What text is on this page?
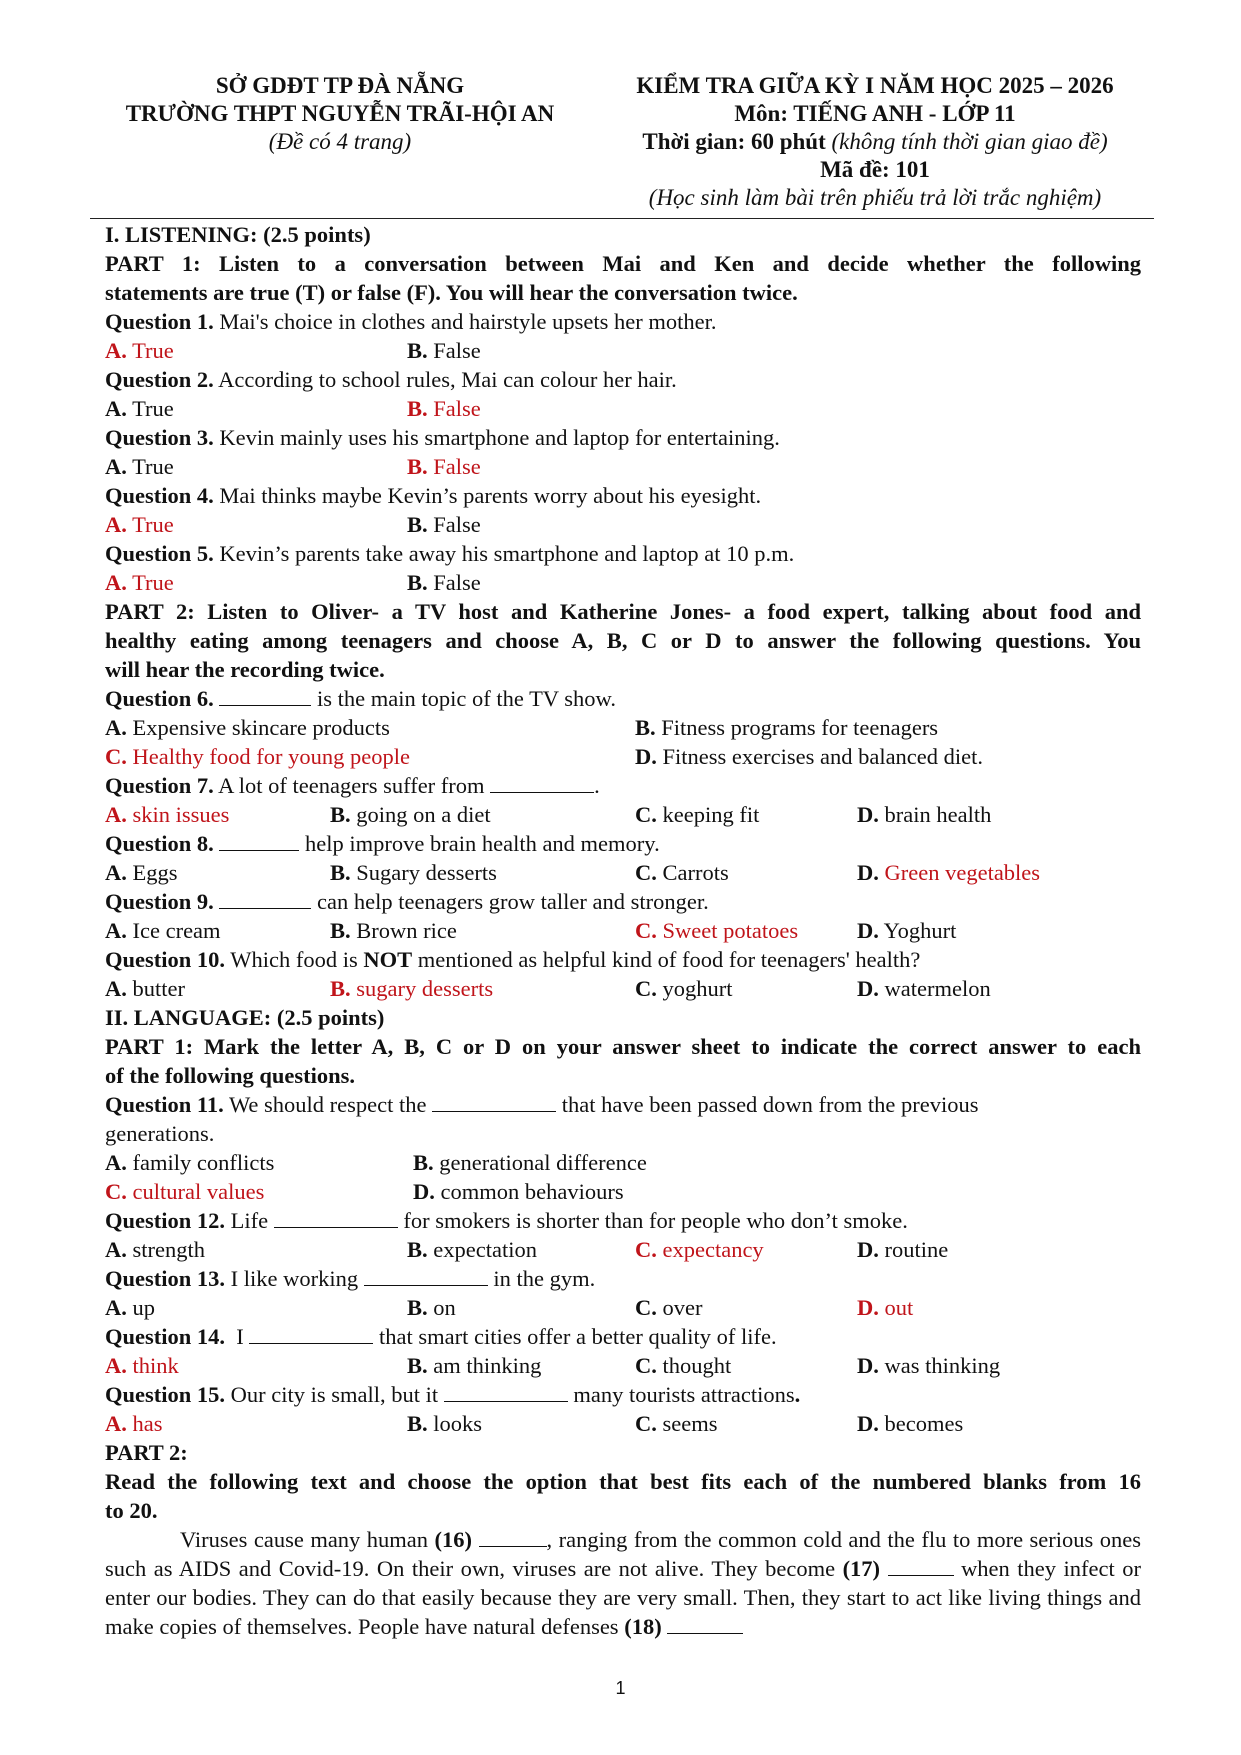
SỞ GDĐT TP ĐÀ NẴNG
TRƯỜNG THPT NGUYỄN TRÃI-HỘI AN
(Đề có 4 trang)
KIỂM TRA GIỮA KỲ I NĂM HỌC 2025 – 2026
Môn: TIẾNG ANH - LỚP 11
Thời gian: 60 phút (không tính thời gian giao đề)
Mã đề: 101
(Học sinh làm bài trên phiếu trả lời trắc nghiệm)
I. LISTENING: (2.5 points)
PART 1: Listen to a conversation between Mai and Ken and decide whether the following
statements are true (T) or false (F). You will hear the conversation twice.
Question 1. Mai's choice in clothes and hairstyle upsets her mother.
A. True	B. False
Question 2. According to school rules, Mai can colour her hair.
A. True	B. False
Question 3. Kevin mainly uses his smartphone and laptop for entertaining.
A. True	B. False
Question 4. Mai thinks maybe Kevin’s parents worry about his eyesight.
A. True	B. False
Question 5. Kevin’s parents take away his smartphone and laptop at 10 p.m.
A. True	B. False
PART 2: Listen to Oliver- a TV host and Katherine Jones- a food expert, talking about food and
healthy eating among teenagers and choose A, B, C or D to answer the following questions. You
will hear the recording twice.
Question 6.	is the main topic of the TV show.
A. Expensive skincare products	B. Fitness programs for teenagers
C. Healthy food for young people	D. Fitness exercises and balanced diet.
Question 7. A lot of teenagers suffer from	.
A. skin issues	B. going on a diet	C. keeping fit	D. brain health
Question 8.	help improve brain health and memory.
A. Eggs	B. Sugary desserts	C. Carrots	D. Green vegetables
Question 9.	can help teenagers grow taller and stronger.
A. Ice cream	B. Brown rice	C. Sweet potatoes	D. Yoghurt
Question 10. Which food is NOT mentioned as helpful kind of food for teenagers' health?
A. butter	B. sugary desserts	C. yoghurt	D. watermelon
II. LANGUAGE: (2.5 points)
PART 1: Mark the letter A, B, C or D on your answer sheet to indicate the correct answer to each
of the following questions.
Question 11. We should respect the	that have been passed down from the previous
generations.
A. family conflicts	B. generational difference
C. cultural values	D. common behaviours
Question 12. Life	for smokers is shorter than for people who don’t smoke.
A. strength	B. expectation	C. expectancy	D. routine
Question 13. I like working	in the gym.
A. up	B. on	C. over	D. out
Question 14. I	that smart cities offer a better quality of life.
A. think	B. am thinking	C. thought	D. was thinking
Question 15. Our city is small, but it	many tourists attractions.
A. has	B. looks	C. seems	D. becomes
PART 2:
Read the following text and choose the option that best fits each of the numbered blanks from 16
to 20.
Viruses cause many human (16)	, ranging from the common cold and the flu to more serious ones such as AIDS and Covid-19. On their own, viruses are not alive. They become (17)	when they infect or enter our bodies. They can do that easily because they are very small. Then, they start to act like living things and make copies of themselves. People have natural defenses (18)
1
